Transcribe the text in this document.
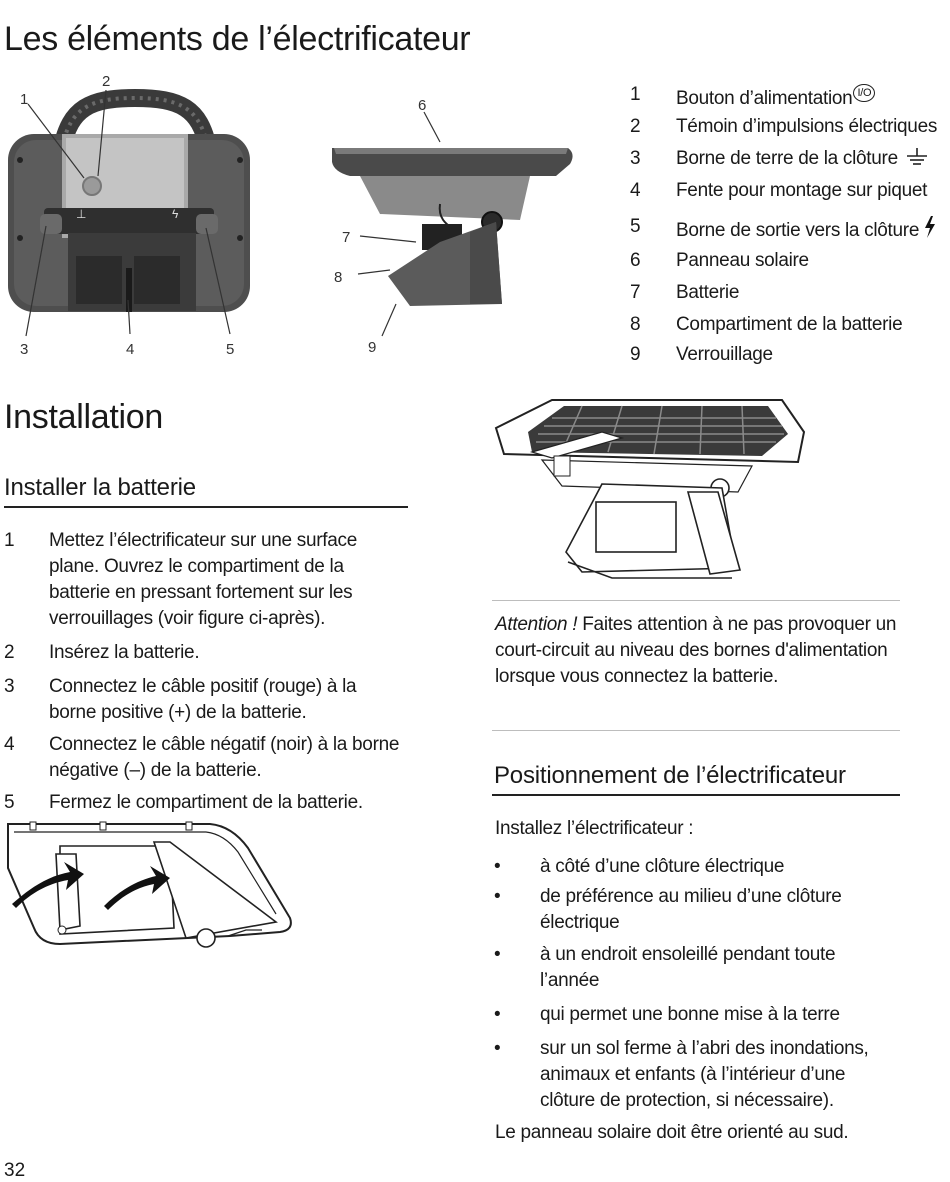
Les éléments de l’électrificateur
⊥	ϟ
1
2
3	4	5
6
7
8
9
1 Bouton d’alimentation I/O
2 Témoin d’impulsions électriques
3 Borne de terre de la clôture
4 Fente pour montage sur piquet
5 Borne de sortie vers la clôture
6 Panneau solaire
7 Batterie
8 Compartiment de la batterie
9 Verrouillage
Installation
Installer la batterie
1 Mettez l’électrificateur sur une surface plane. Ouvrez le compartiment de la batterie en pressant fortement sur les verrouillages (voir figure ci-après).
2 Insérez la batterie.
3 Connectez le câble positif (rouge) à la borne positive (+) de la batterie.
4 Connectez le câble négatif (noir) à la borne négative (–) de la batterie.
5 Fermez le compartiment de la batterie.
Attention ! Faites attention à ne pas provoquer un court-circuit au niveau des bornes d'alimentation lorsque vous connectez la batterie.
Positionnement de l’électrificateur
Installez l’électrificateur :
• à côté d’une clôture électrique
• de préférence au milieu d’une clôture électrique
• à un endroit ensoleillé pendant toute l’année
• qui permet une bonne mise à la terre
• sur un sol ferme à l’abri des inondations, animaux et enfants (à l’intérieur d’une clôture de protection, si nécessaire).
Le panneau solaire doit être orienté au sud.
32
